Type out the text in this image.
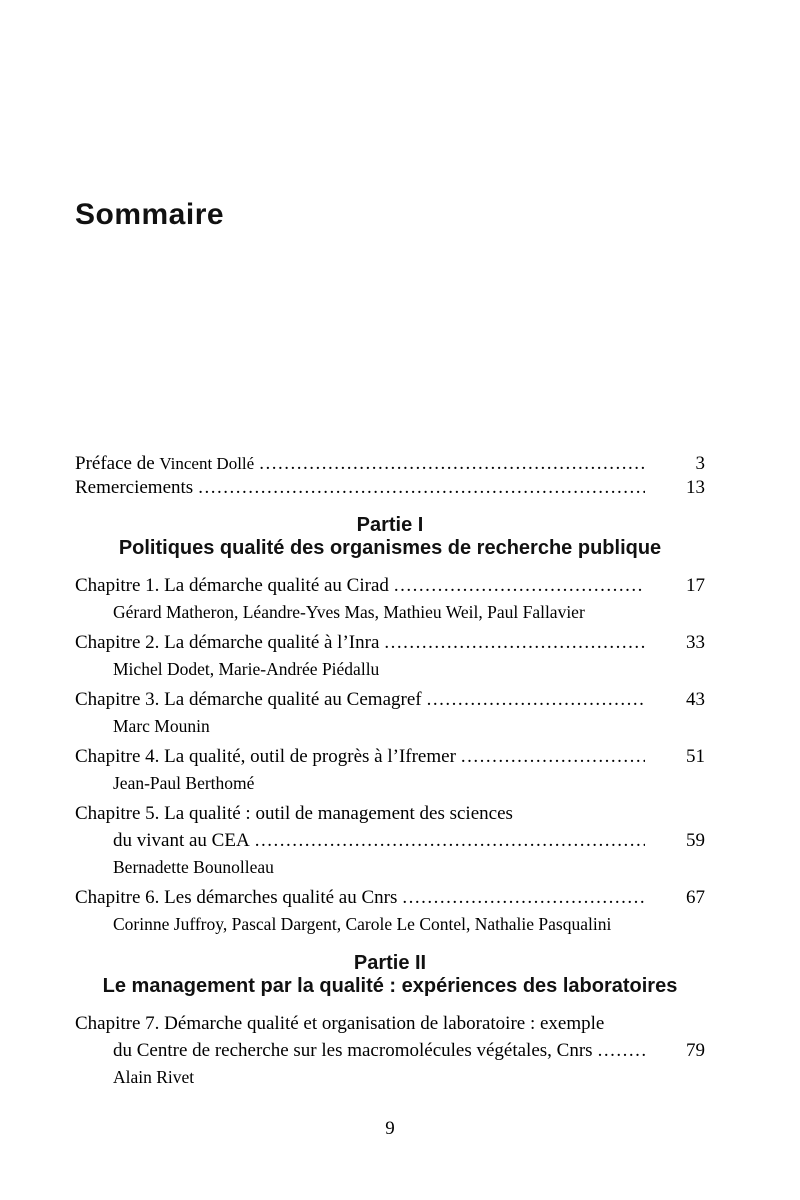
Sommaire
Préface de Vincent Dollé .....	3
Remerciements .....	13
Partie I
Politiques qualité des organismes de recherche publique
Chapitre 1. La démarche qualité au Cirad .....	17
Gérard Matheron, Léandre-Yves Mas, Mathieu Weil, Paul Fallavier
Chapitre 2. La démarche qualité à l’Inra .....	33
Michel Dodet, Marie-Andrée Piédallu
Chapitre 3. La démarche qualité au Cemagref .....	43
Marc Mounin
Chapitre 4. La qualité, outil de progrès à l’Ifremer .....	51
Jean-Paul Berthomé
Chapitre 5. La qualité : outil de management des sciences
du vivant au CEA .....	59
Bernadette Bounolleau
Chapitre 6. Les démarches qualité au Cnrs .....	67
Corinne Juffroy, Pascal Dargent, Carole Le Contel, Nathalie Pasqualini
Partie II
Le management par la qualité : expériences des laboratoires
Chapitre 7. Démarche qualité et organisation de laboratoire : exemple
du Centre de recherche sur les macromolécules végétales, Cnrs .....	79
Alain Rivet
9
